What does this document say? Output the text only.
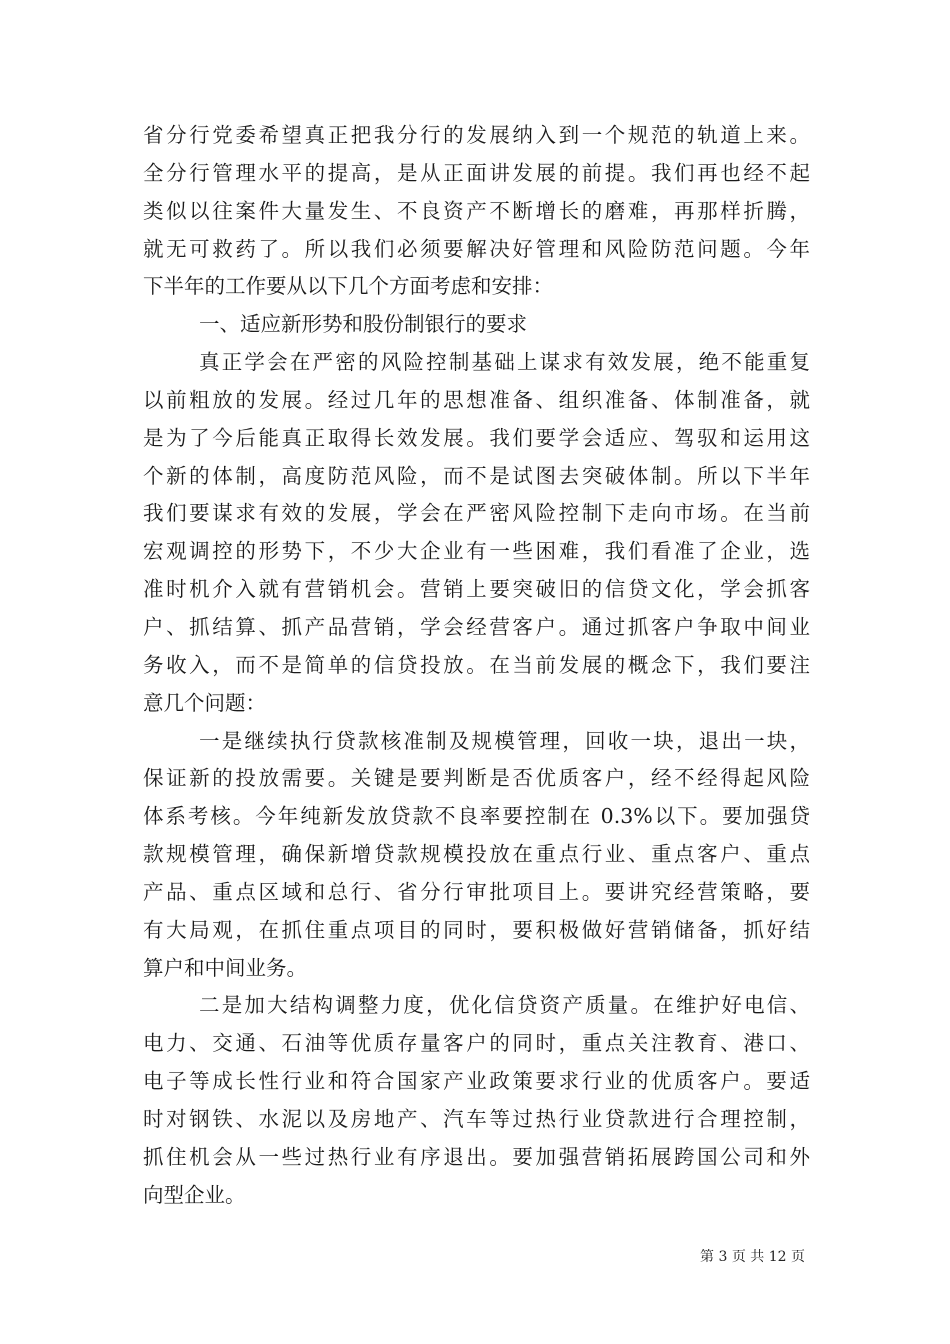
省分行党委希望真正把我分行的发展纳入到一个规范的轨道上来。
全分行管理水平的提高，是从正面讲发展的前提。我们再也经不起
类似以往案件大量发生、不良资产不断增长的磨难，再那样折腾，
就无可救药了。所以我们必须要解决好管理和风险防范问题。今年
下半年的工作要从以下几个方面考虑和安排：
一、适应新形势和股份制银行的要求
真正学会在严密的风险控制基础上谋求有效发展，绝不能重复
以前粗放的发展。经过几年的思想准备、组织准备、体制准备，就
是为了今后能真正取得长效发展。我们要学会适应、驾驭和运用这
个新的体制，高度防范风险，而不是试图去突破体制。所以下半年
我们要谋求有效的发展，学会在严密风险控制下走向市场。在当前
宏观调控的形势下，不少大企业有一些困难，我们看准了企业，选
准时机介入就有营销机会。营销上要突破旧的信贷文化，学会抓客
户、抓结算、抓产品营销，学会经营客户。通过抓客户争取中间业
务收入，而不是简单的信贷投放。在当前发展的概念下，我们要注
意几个问题：
一是继续执行贷款核准制及规模管理，回收一块，退出一块，
保证新的投放需要。关键是要判断是否优质客户，经不经得起风险
体系考核。今年纯新发放贷款不良率要控制在 0.3%以下。要加强贷
款规模管理，确保新增贷款规模投放在重点行业、重点客户、重点
产品、重点区域和总行、省分行审批项目上。要讲究经营策略，要
有大局观，在抓住重点项目的同时，要积极做好营销储备，抓好结
算户和中间业务。
二是加大结构调整力度，优化信贷资产质量。在维护好电信、
电力、交通、石油等优质存量客户的同时，重点关注教育、港口、
电子等成长性行业和符合国家产业政策要求行业的优质客户。要适
时对钢铁、水泥以及房地产、汽车等过热行业贷款进行合理控制，
抓住机会从一些过热行业有序退出。要加强营销拓展跨国公司和外
向型企业。
第 3 页 共 12 页
